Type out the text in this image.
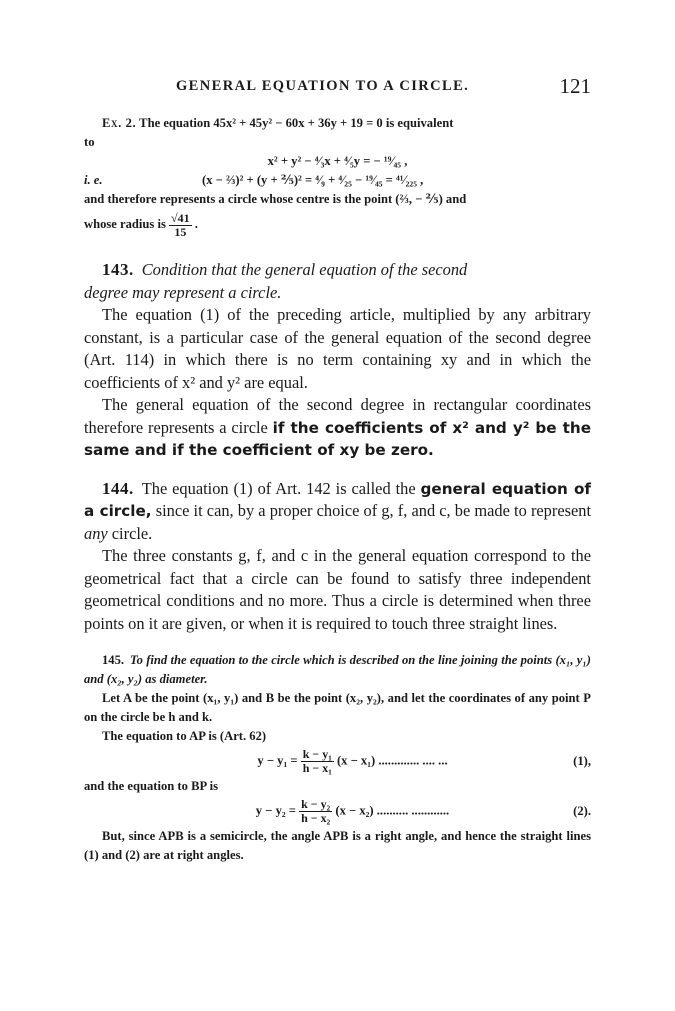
GENERAL EQUATION TO A CIRCLE.	121

Ex. 2. The equation 45x² + 45y² − 60x + 36y + 19 = 0 is equivalent

to

x² + y² − ⁴⁄₃x + ⁴⁄₅y = − ¹⁹⁄₄₅ ,

i. e.	(x − ⅔)² + (y + ⅖)² = ⁴⁄₉ + ⁴⁄₂₅ − ¹⁹⁄₄₅ = ⁴¹⁄₂₂₅ ,

and therefore represents a circle whose centre is the point (⅔, − ⅖) and

whose radius is $\frac{√41}{15}$ .

143. Condition that the general equation of the second

degree may represent a circle.

The equation (1) of the preceding article, multiplied by any arbitrary constant, is a particular case of the general equation of the second degree (Art. 114) in which there is no term containing xy and in which the coefficients of x² and y² are equal.

The general equation of the second degree in rectangular coordinates therefore represents a circle if the coefficients of x² and y² be the same and if the coefficient of xy be zero.

144. The equation (1) of Art. 142 is called the general equation of a circle, since it can, by a proper choice of g, f, and c, be made to represent any circle.

The three constants g, f, and c in the general equation correspond to the geometrical fact that a circle can be found to satisfy three independent geometrical conditions and no more. Thus a circle is determined when three points on it are given, or when it is required to touch three straight lines.

145. To find the equation to the circle which is described on the line joining the points (x₁, y₁) and (x₂, y₂) as diameter.

Let A be the point (x₁, y₁) and B be the point (x₂, y₂), and let the coordinates of any point P on the circle be h and k.

The equation to AP is (Art. 62)

$y - y_1 = \frac{\text{k − y₁}}{\text{h − x₁}} (x - x_1)$ ............. .... ...	(1),

and the equation to BP is

$y - y_2 = \frac{\text{k − y₂}}{\text{h − x₂}} (x - x_2)$ .......... ............	(2).

But, since APB is a semicircle, the angle APB is a right angle, and hence the straight lines (1) and (2) are at right angles.
